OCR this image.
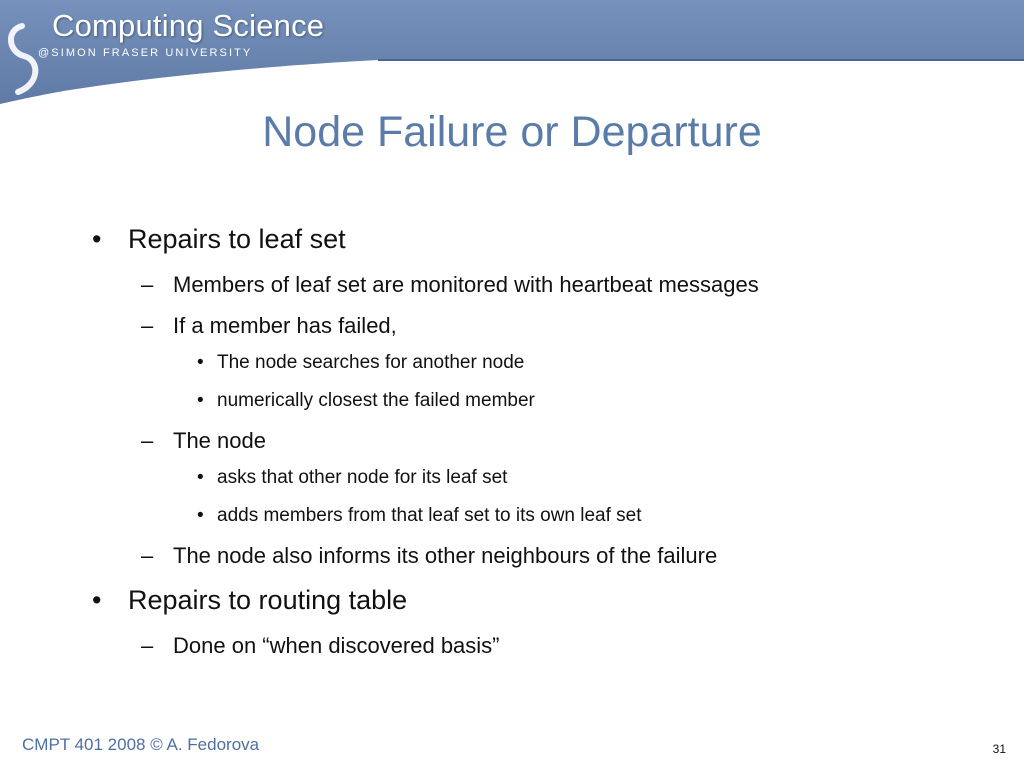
Computing Science
@SIMON FRASER UNIVERSITY
Node Failure or Departure
• Repairs to leaf set
– Members of leaf set are monitored with heartbeat messages
– If a member has failed,
• The node searches for another node
• numerically closest the failed member
– The node
• asks that other node for its leaf set
• adds members from that leaf set to its own leaf set
– The node also informs its other neighbours of the failure
• Repairs to routing table
– Done on “when discovered basis”
CMPT 401 2008 © A. Fedorova	31
